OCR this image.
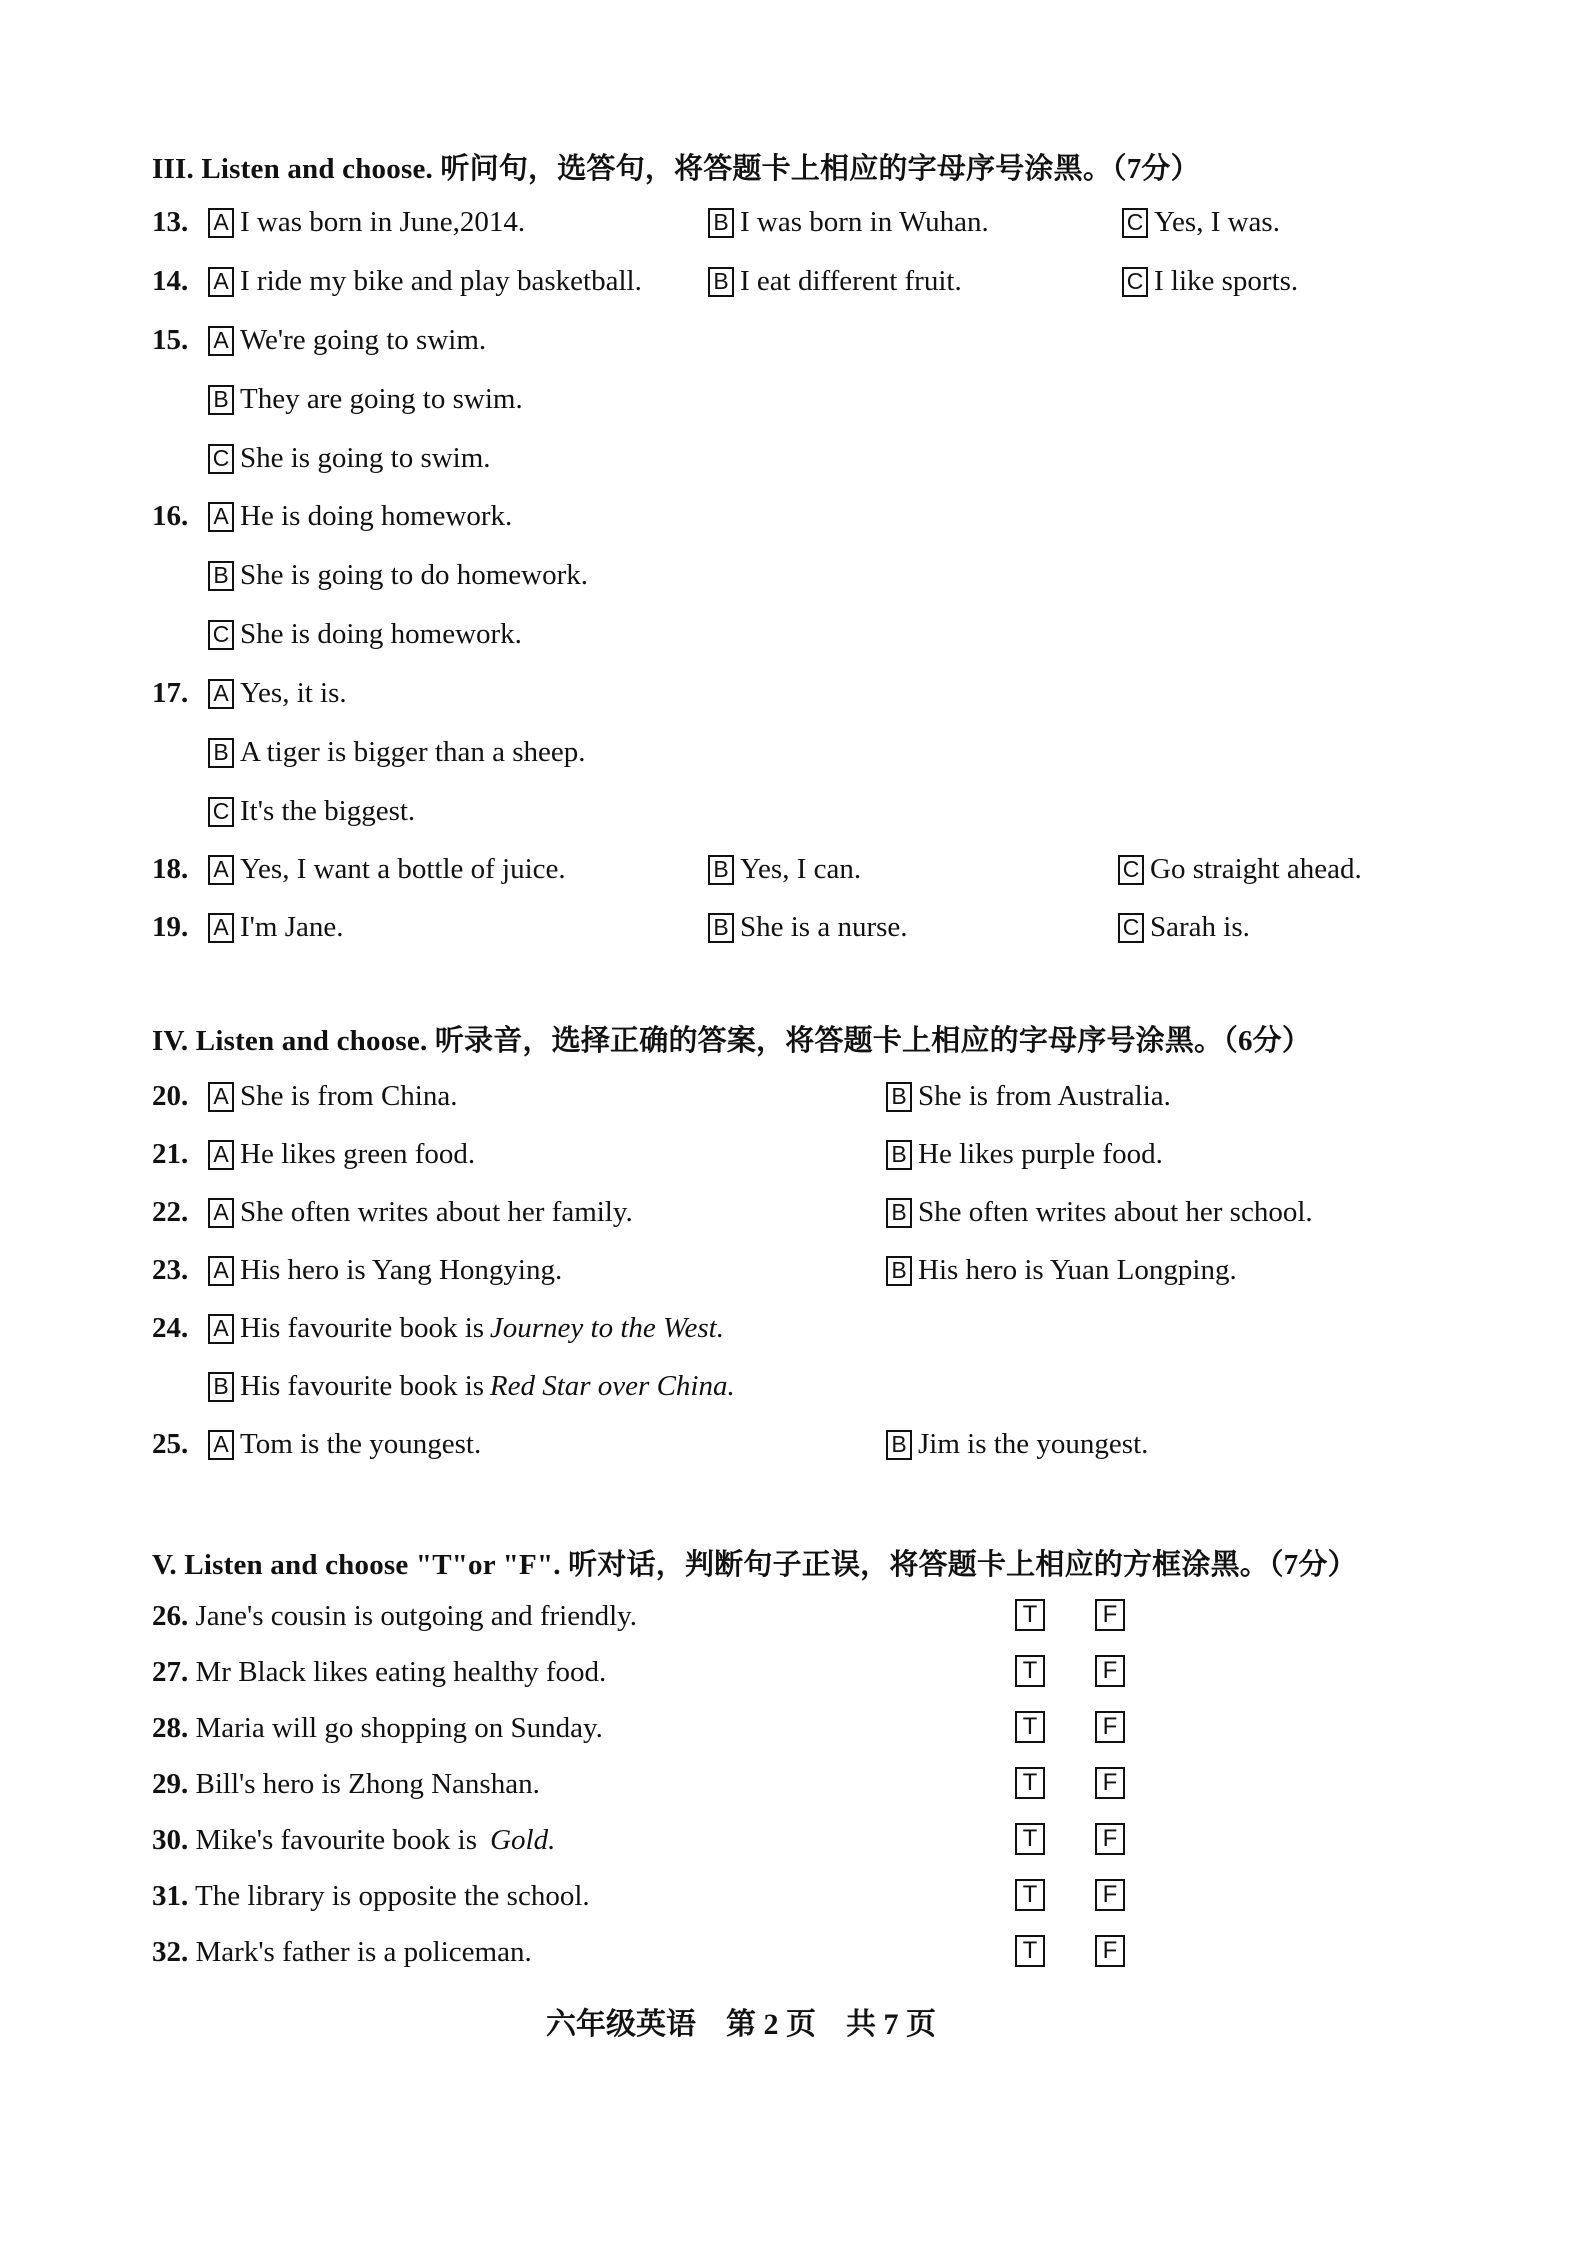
III. Listen and choose. 听问句，选答句，将答题卡上相应的字母序号涂黑。（7分）
13. A I was born in June,2014.	B I was born in Wuhan.	C Yes, I was.
14. A I ride my bike and play basketball.	B I eat different fruit.	C I like sports.
15. A We're going to swim.
B They are going to swim.
C She is going to swim.
16. A He is doing homework.
B She is going to do homework.
C She is doing homework.
17. A Yes, it is.
B A tiger is bigger than a sheep.
C It's the biggest.
18. A Yes, I want a bottle of juice.	B Yes, I can.	C Go straight ahead.
19. A I'm Jane.	B She is a nurse.	C Sarah is.
IV. Listen and choose. 听录音，选择正确的答案，将答题卡上相应的字母序号涂黑。（6分）
20. A She is from China.	B She is from Australia.
21. A He likes green food.	B He likes purple food.
22. A She often writes about her family.	B She often writes about her school.
23. A His hero is Yang Hongying.	B His hero is Yuan Longping.
24. A His favourite book is
  Journey to the West.
B His favourite book is
  Red Star over China.
25. A Tom is the youngest.	B Jim is the youngest.
V. Listen and choose "T"or "F". 听对话，判断句子正误，将答题卡上相应的方框涂黑。（7分）
26. Jane's cousin is outgoing and friendly.	T	F
27. Mr Black likes eating healthy food.	T	F
28. Maria will go shopping on Sunday.	T	F
29. Bill's hero is Zhong Nanshan.	T	F
30. Mike's favourite book is  Gold.	T	F
31. The library is opposite the school.	T	F
32. Mark's father is a policeman.	T	F
六年级英语　第 2 页　共 7 页
